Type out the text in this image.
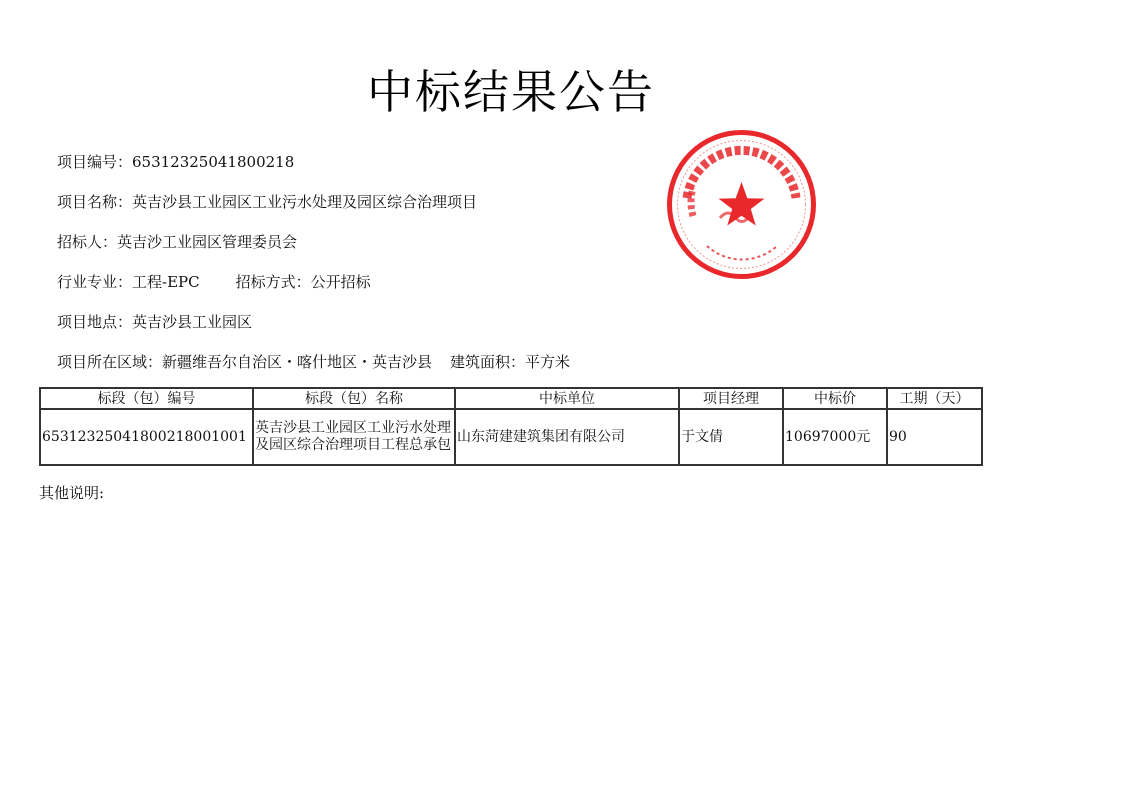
中标结果公告
项目编号：65312325041800218
项目名称：英吉沙县工业园区工业污水处理及园区综合治理项目
招标人：英吉沙工业园区管理委员会
行业专业：工程-EPC 招标方式：公开招标
项目地点：英吉沙县工业园区
项目所在区域：新疆维吾尔自治区・喀什地区・英吉沙县 建筑面积：平方米
标段（包）编号	标段（包）名称	中标单位	项目经理	中标价	工期（天）
65312325041800218001001	英吉沙县工业园区工业污水处理及园区综合治理项目工程总承包	山东菏建建筑集团有限公司	于文倩	10697000元	90
其他说明:
